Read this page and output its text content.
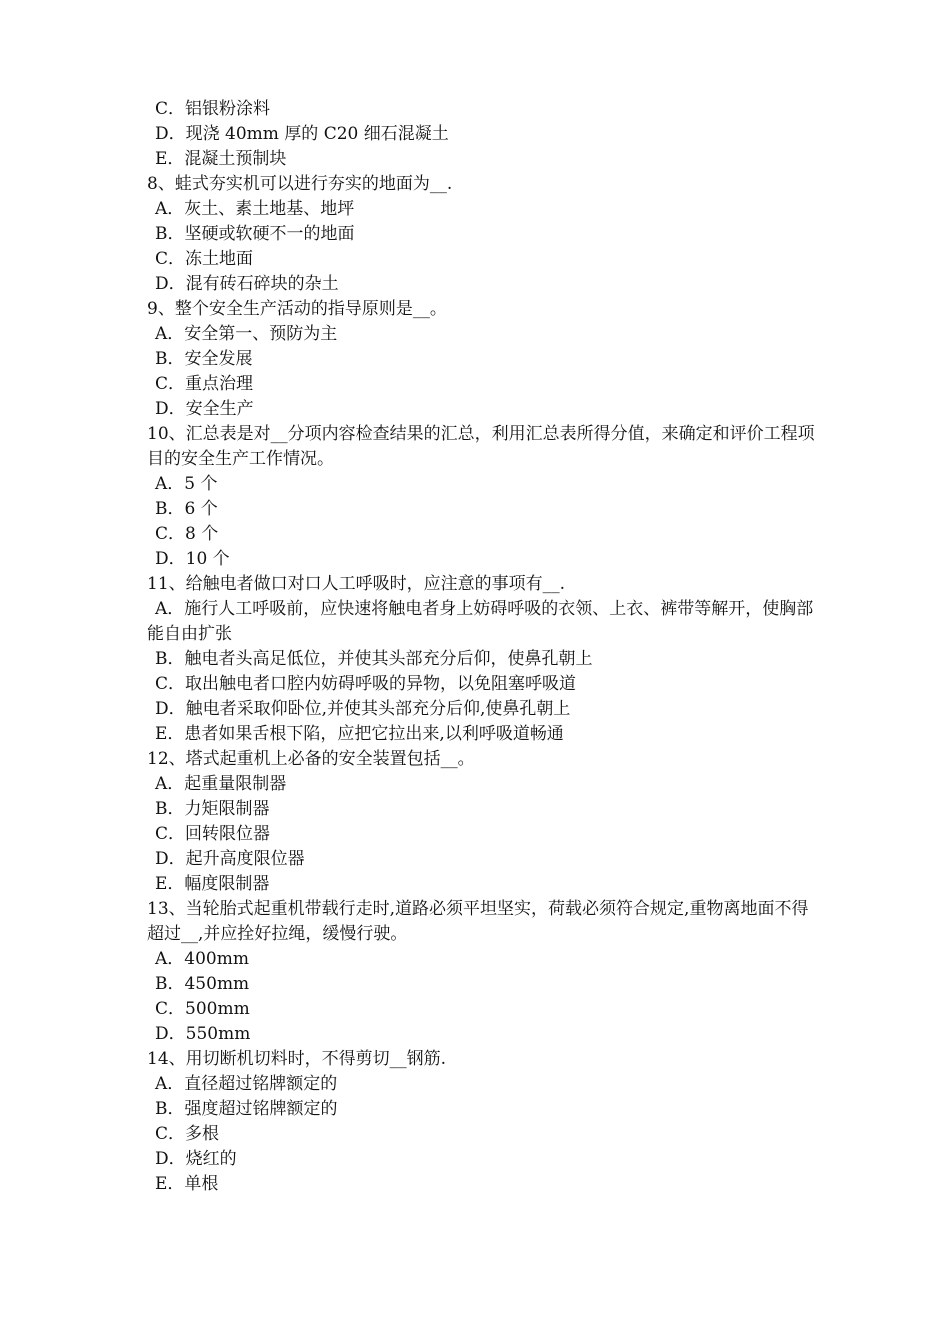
C．铝银粉涂料
D．现浇 40mm 厚的 C20 细石混凝土
E．混凝土预制块
8、蛙式夯实机可以进行夯实的地面为__.
A．灰土、素土地基、地坪
B．坚硬或软硬不一的地面
C．冻土地面
D．混有砖石碎块的杂土
9、整个安全生产活动的指导原则是__。
A．安全第一、预防为主
B．安全发展
C．重点治理
D．安全生产
10、汇总表是对__分项内容检查结果的汇总，利用汇总表所得分值，来确定和评价工程项目的安全生产工作情况。
A．5 个
B．6 个
C．8 个
D．10 个
11、给触电者做口对口人工呼吸时，应注意的事项有__.
A．施行人工呼吸前，应快速将触电者身上妨碍呼吸的衣领、上衣、裤带等解开，使胸部能自由扩张
B．触电者头高足低位，并使其头部充分后仰，使鼻孔朝上
C．取出触电者口腔内妨碍呼吸的异物，以免阻塞呼吸道
D．触电者采取仰卧位,并使其头部充分后仰,使鼻孔朝上
E．患者如果舌根下陷，应把它拉出来,以利呼吸道畅通
12、塔式起重机上必备的安全装置包括__。
A．起重量限制器
B．力矩限制器
C．回转限位器
D．起升高度限位器
E．幅度限制器
13、当轮胎式起重机带载行走时,道路必须平坦坚实，荷载必须符合规定,重物离地面不得超过__,并应拴好拉绳，缓慢行驶。
A．400mm
B．450mm
C．500mm
D．550mm
14、用切断机切料时，不得剪切__钢筋.
A．直径超过铭牌额定的
B．强度超过铭牌额定的
C．多根
D．烧红的
E．单根
